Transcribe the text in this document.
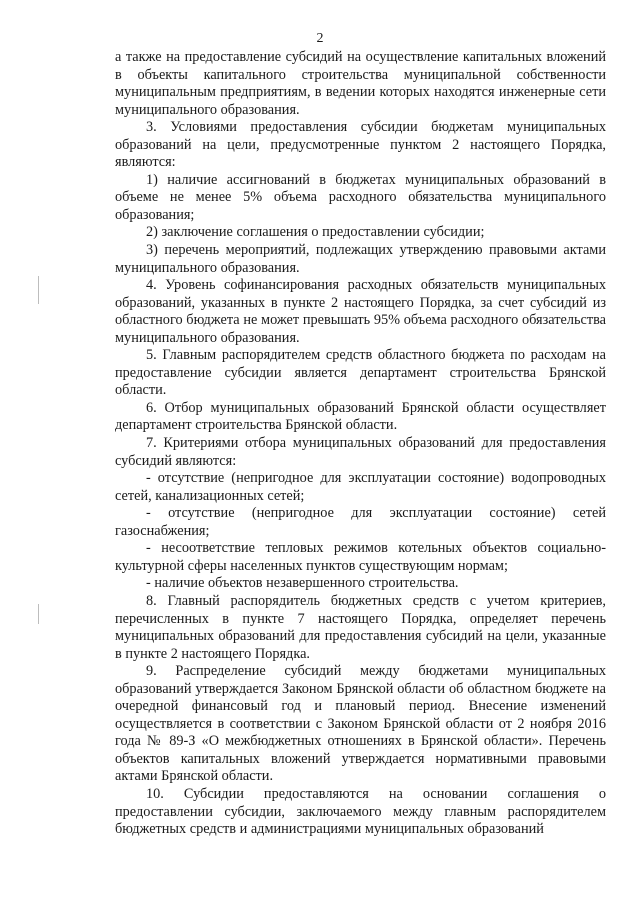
2

а также на предоставление субсидий на осуществление капитальных вложений в объекты капитального строительства муниципальной собственности муниципальным предприятиям, в ведении которых находятся инженерные сети муниципального образования.

3. Условиями предоставления субсидии бюджетам муниципальных образований на цели, предусмотренные пунктом 2 настоящего Порядка, являются:

1) наличие ассигнований в бюджетах муниципальных образований в объеме не менее 5% объема расходного обязательства муниципального образования;

2) заключение соглашения о предоставлении субсидии;

3) перечень мероприятий, подлежащих утверждению правовыми актами муниципального образования.

4. Уровень софинансирования расходных обязательств муниципальных образований, указанных в пункте 2 настоящего Порядка, за счет субсидий из областного бюджета не может превышать 95% объема расходного обязательства муниципального образования.

5. Главным распорядителем средств областного бюджета по расходам на предоставление субсидии является департамент строительства Брянской области.

6. Отбор муниципальных образований Брянской области осуществляет департамент строительства Брянской области.

7. Критериями отбора муниципальных образований для предоставления субсидий являются:

- отсутствие (непригодное для эксплуатации состояние) водопроводных сетей, канализационных сетей;

- отсутствие (непригодное для эксплуатации состояние) сетей газоснабжения;

- несоответствие тепловых режимов котельных объектов социально-культурной сферы населенных пунктов существующим нормам;

- наличие объектов незавершенного строительства.

8. Главный распорядитель бюджетных средств с учетом критериев, перечисленных в пункте 7 настоящего Порядка, определяет перечень муниципальных образований для предоставления субсидий на цели, указанные в пункте 2 настоящего Порядка.

9. Распределение субсидий между бюджетами муниципальных образований утверждается Законом Брянской области об областном бюджете на очередной финансовый год и плановый период. Внесение изменений осуществляется в соответствии с Законом Брянской области от 2 ноября 2016 года № 89-З «О межбюджетных отношениях в Брянской области». Перечень объектов капитальных вложений утверждается нормативными правовыми актами Брянской области.

10. Субсидии предоставляются на основании соглашения о предоставлении субсидии, заключаемого между главным распорядителем бюджетных средств и администрациями муниципальных образований
